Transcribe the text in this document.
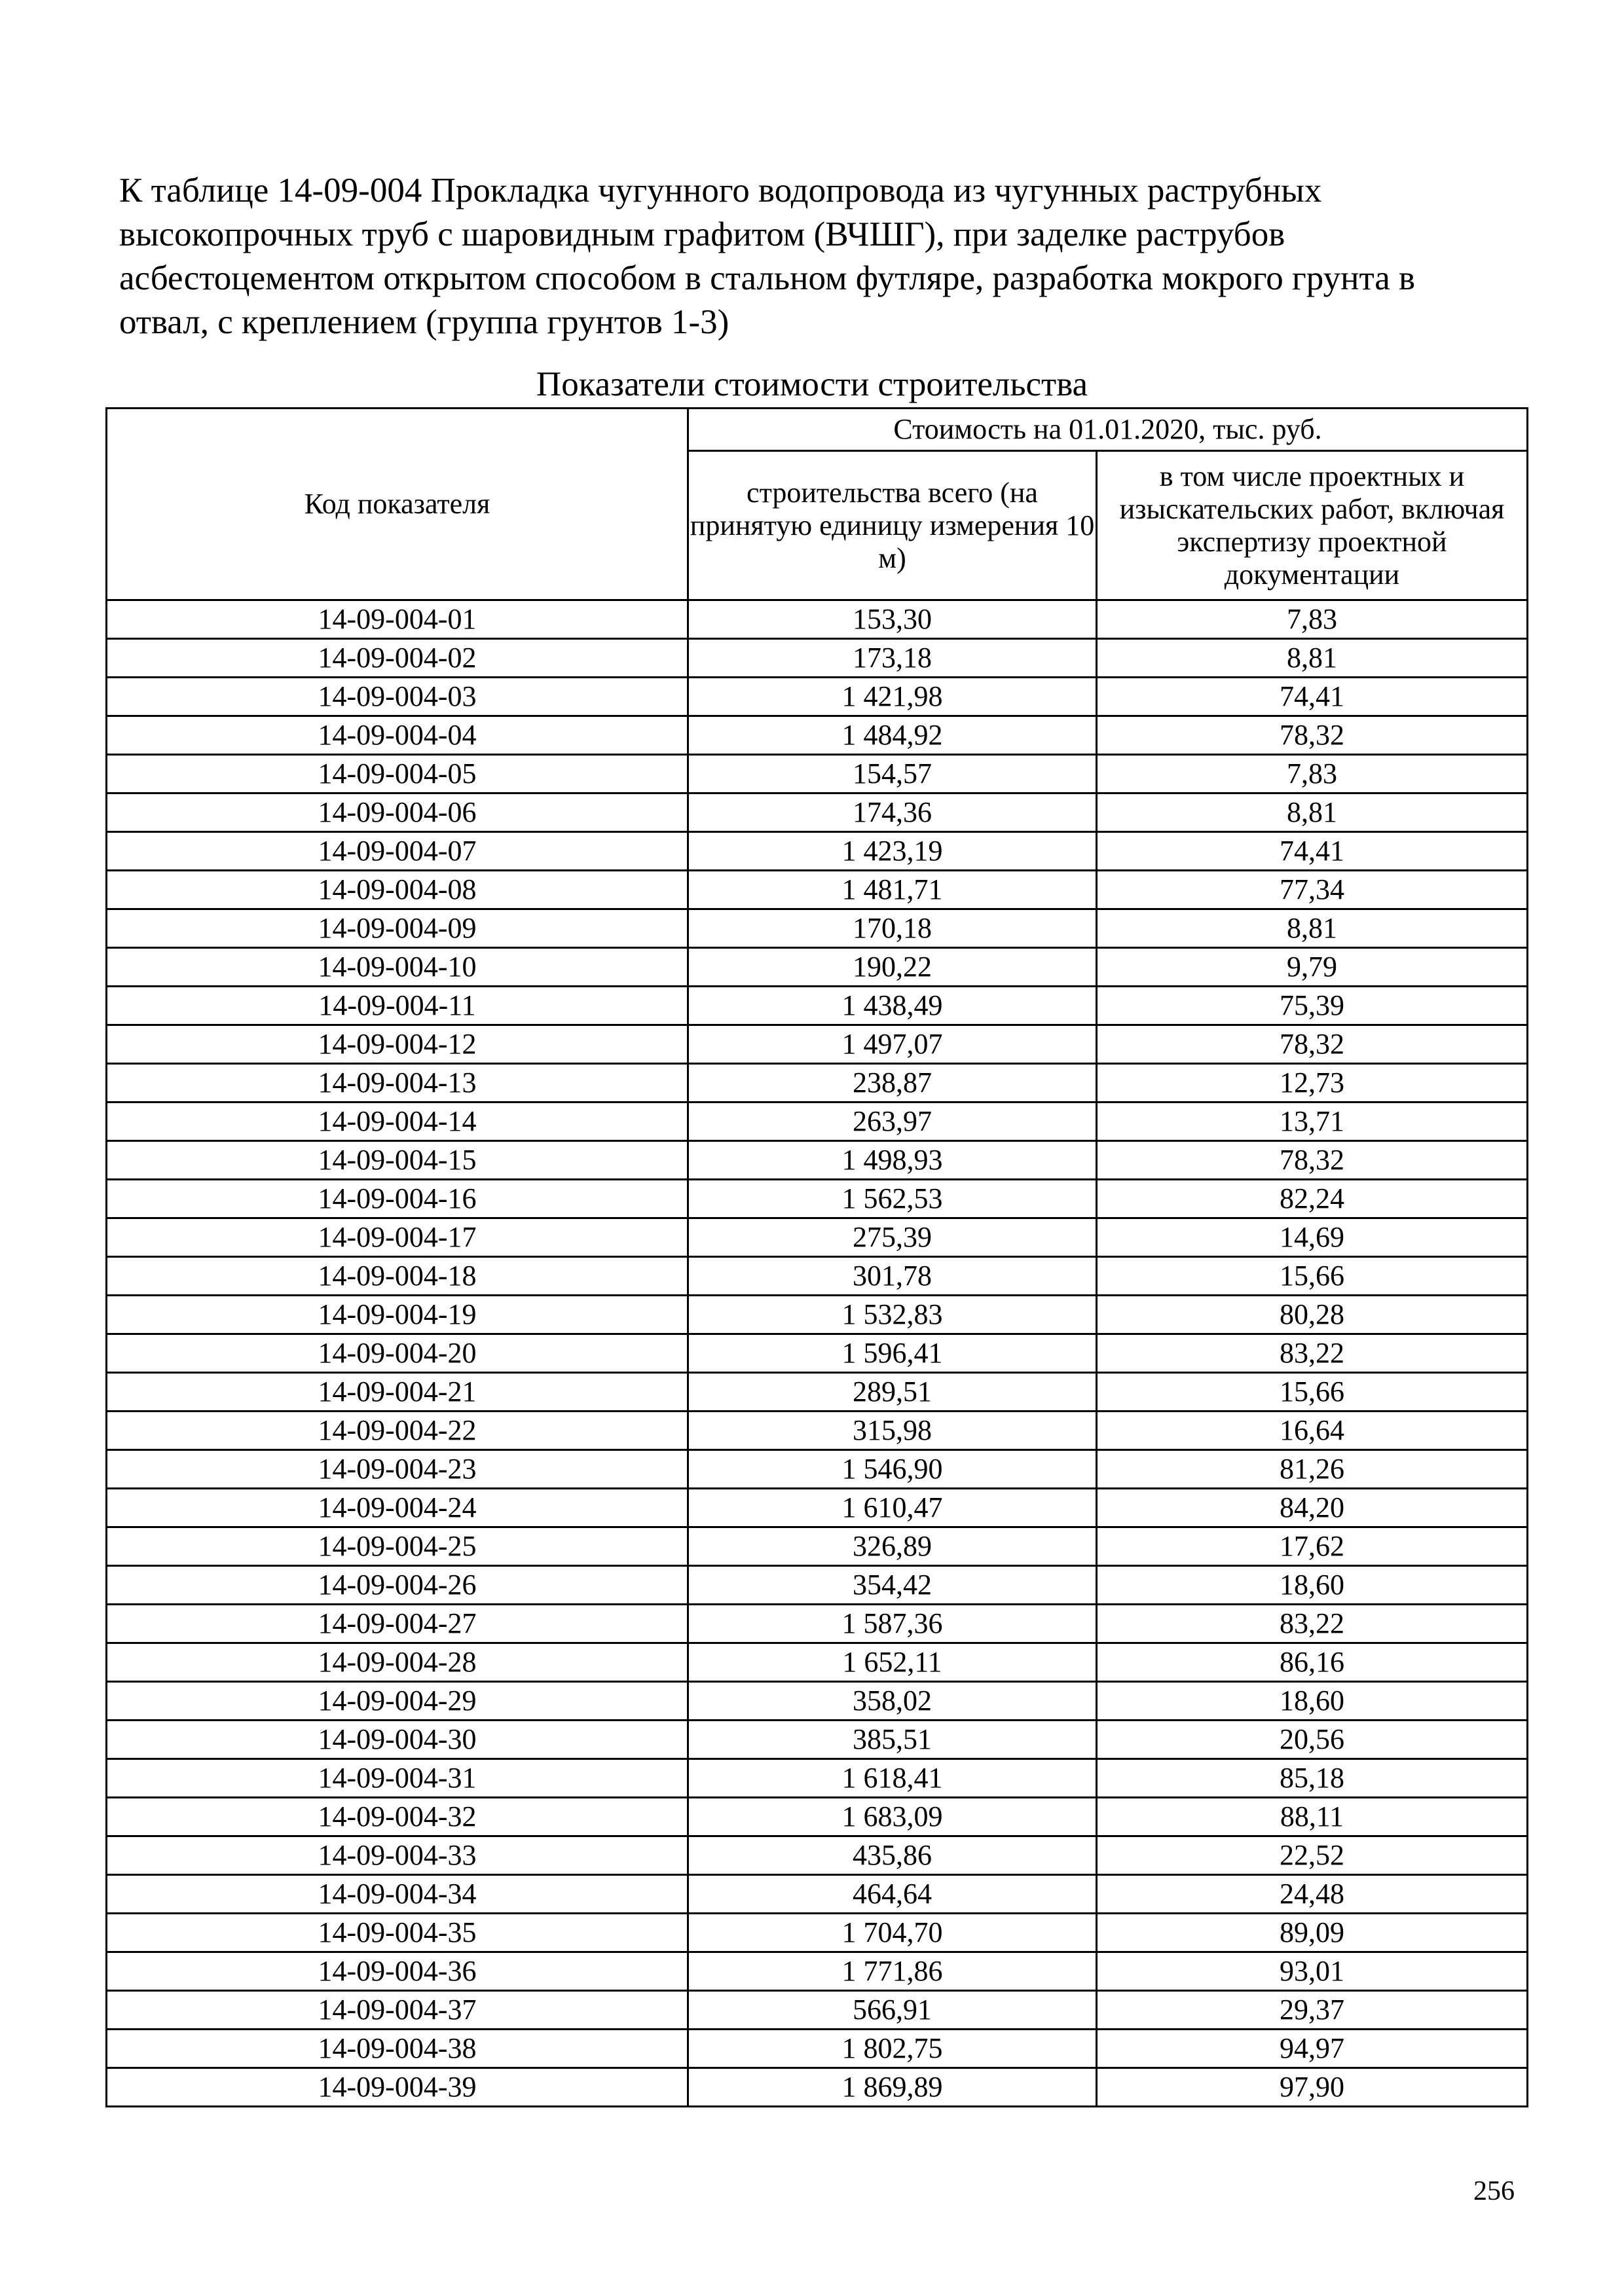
К таблице 14-09-004 Прокладка чугунного водопровода из чугунных раструбных высокопрочных труб с шаровидным графитом (ВЧШГ), при заделке раструбов асбестоцементом открытом способом в стальном футляре, разработка мокрого грунта в отвал, с креплением (группа грунтов 1-3)
Показатели стоимости строительства
Код показателя	Стоимость на 01.01.2020, тыс. руб.	
	строительства всего (на принятую единицу измерения 10 м)	в том числе проектных и изыскательских работ, включая экспертизу проектной документации
14-09-004-01	153,30	7,83
14-09-004-02	173,18	8,81
14-09-004-03	1 421,98	74,41
14-09-004-04	1 484,92	78,32
14-09-004-05	154,57	7,83
14-09-004-06	174,36	8,81
14-09-004-07	1 423,19	74,41
14-09-004-08	1 481,71	77,34
14-09-004-09	170,18	8,81
14-09-004-10	190,22	9,79
14-09-004-11	1 438,49	75,39
14-09-004-12	1 497,07	78,32
14-09-004-13	238,87	12,73
14-09-004-14	263,97	13,71
14-09-004-15	1 498,93	78,32
14-09-004-16	1 562,53	82,24
14-09-004-17	275,39	14,69
14-09-004-18	301,78	15,66
14-09-004-19	1 532,83	80,28
14-09-004-20	1 596,41	83,22
14-09-004-21	289,51	15,66
14-09-004-22	315,98	16,64
14-09-004-23	1 546,90	81,26
14-09-004-24	1 610,47	84,20
14-09-004-25	326,89	17,62
14-09-004-26	354,42	18,60
14-09-004-27	1 587,36	83,22
14-09-004-28	1 652,11	86,16
14-09-004-29	358,02	18,60
14-09-004-30	385,51	20,56
14-09-004-31	1 618,41	85,18
14-09-004-32	1 683,09	88,11
14-09-004-33	435,86	22,52
14-09-004-34	464,64	24,48
14-09-004-35	1 704,70	89,09
14-09-004-36	1 771,86	93,01
14-09-004-37	566,91	29,37
14-09-004-38	1 802,75	94,97
14-09-004-39	1 869,89	97,90
256
